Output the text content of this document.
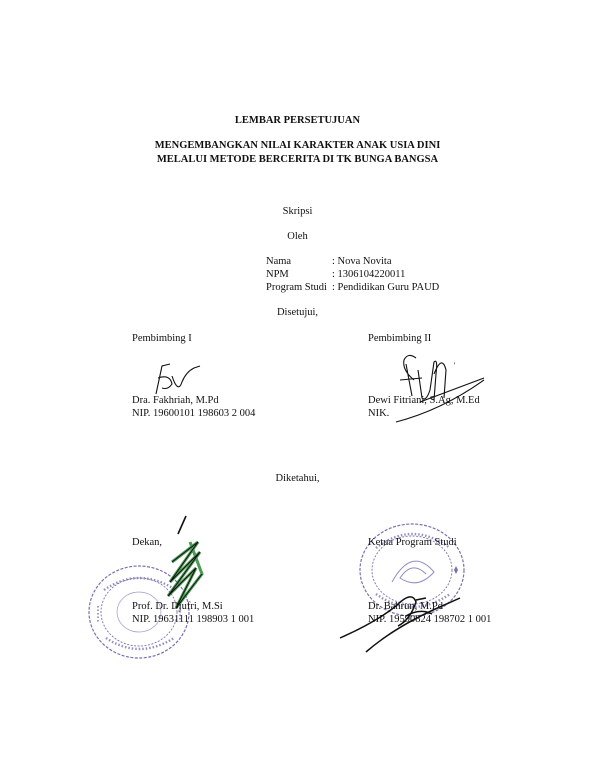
LEMBAR PERSETUJUAN
MENGEMBANGKAN NILAI KARAKTER ANAK USIA DINI
MELALUI METODE BERCERITA DI TK BUNGA BANGSA
Skripsi
Oleh
Nama	: Nova Novita
NPM	: 1306104220011
Program Studi : Pendidikan Guru PAUD
Disetujui,
Pembimbing I	Pembimbing II
'
Dra. Fakhriah, M.Pd
NIP. 19600101 198603 2 004
Dewi Fitriani, S.Ag, M.Ed
NIK.
Diketahui,
Dekan,	Ketua Program Studi
Prof. Dr. Djufri, M.Si
NIP. 19631111 198903 1 001
Dr. Bahrun, M.Pd
NIP. 19590824 198702 1 001
